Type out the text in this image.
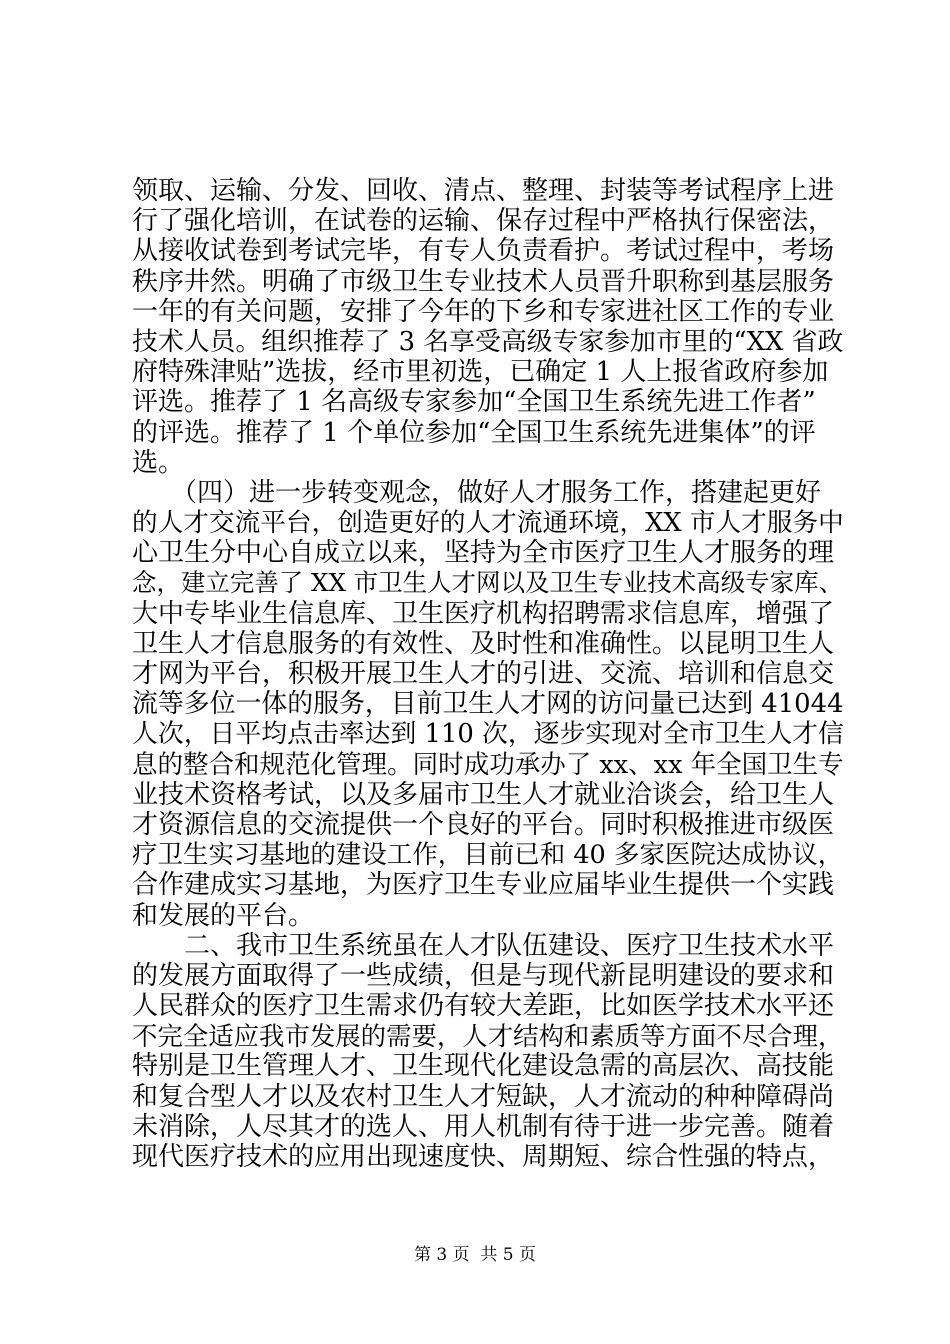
领取、运输、分发、回收、清点、整理、封装等考试程序上进
行了强化培训，在试卷的运输、保存过程中严格执行保密法，
从接收试卷到考试完毕，有专人负责看护。考试过程中，考场
秩序井然。明确了市级卫生专业技术人员晋升职称到基层服务
一年的有关问题，安排了今年的下乡和专家进社区工作的专业
技术人员。组织推荐了 3 名享受高级专家参加市里的“XX 省政
府特殊津贴”选拔，经市里初选，已确定 1 人上报省政府参加
评选。推荐了 1 名高级专家参加“全国卫生系统先进工作者”
的评选。推荐了 1 个单位参加“全国卫生系统先进集体”的评
选。
　　（四）进一步转变观念，做好人才服务工作，搭建起更好
的人才交流平台，创造更好的人才流通环境，XX 市人才服务中
心卫生分中心自成立以来，坚持为全市医疗卫生人才服务的理
念，建立完善了 XX 市卫生人才网以及卫生专业技术高级专家库、
大中专毕业生信息库、卫生医疗机构招聘需求信息库，增强了
卫生人才信息服务的有效性、及时性和准确性。以昆明卫生人
才网为平台，积极开展卫生人才的引进、交流、培训和信息交
流等多位一体的服务，目前卫生人才网的访问量已达到 41044
人次，日平均点击率达到 110 次，逐步实现对全市卫生人才信
息的整合和规范化管理。同时成功承办了 xx、xx 年全国卫生专
业技术资格考试，以及多届市卫生人才就业洽谈会，给卫生人
才资源信息的交流提供一个良好的平台。同时积极推进市级医
疗卫生实习基地的建设工作，目前已和 40 多家医院达成协议，
合作建成实习基地，为医疗卫生专业应届毕业生提供一个实践
和发展的平台。
　　二、我市卫生系统虽在人才队伍建设、医疗卫生技术水平
的发展方面取得了一些成绩，但是与现代新昆明建设的要求和
人民群众的医疗卫生需求仍有较大差距，比如医学技术水平还
不完全适应我市发展的需要，人才结构和素质等方面不尽合理，
特别是卫生管理人才、卫生现代化建设急需的高层次、高技能
和复合型人才以及农村卫生人才短缺，人才流动的种种障碍尚
未消除，人尽其才的选人、用人机制有待于进一步完善。随着
现代医疗技术的应用出现速度快、周期短、综合性强的特点，
第 3 页  共 5 页
